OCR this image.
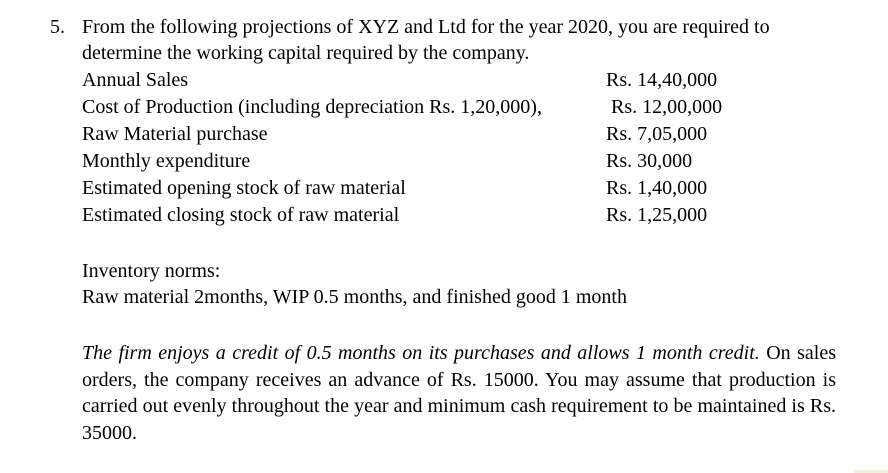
5. From the following projections of XYZ and Ltd for the year 2020, you are required to
determine the working capital required by the company.
Annual Sales	Rs. 14,40,000
Cost of Production (including depreciation Rs. 1,20,000),	Rs. 12,00,000
Raw Material purchase	Rs. 7,05,000
Monthly expenditure	Rs. 30,000
Estimated opening stock of raw material	Rs. 1,40,000
Estimated closing stock of raw material	Rs. 1,25,000
Inventory norms:
Raw material 2months, WIP 0.5 months, and finished good 1 month

The firm enjoys a credit of 0.5 months on its purchases and allows 1 month credit. On sales orders, the company receives an advance of Rs. 15000. You may assume that production is carried out evenly throughout the year and minimum cash requirement to be maintained is Rs. 35000.
